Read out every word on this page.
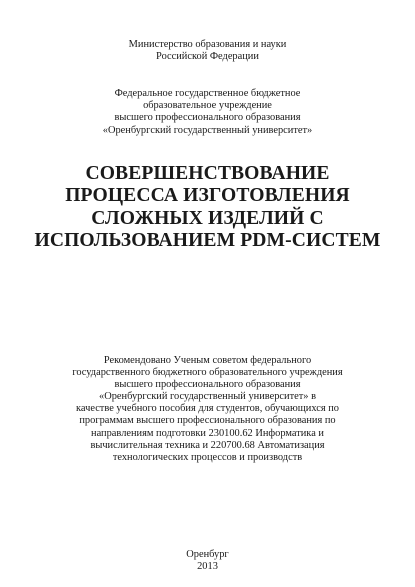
Министерство образования и науки
Российской Федерации
Федеральное государственное бюджетное
образовательное учреждение
высшего профессионального образования
«Оренбургский государственный университет»
СОВЕРШЕНСТВОВАНИЕ
ПРОЦЕССА ИЗГОТОВЛЕНИЯ
СЛОЖНЫХ ИЗДЕЛИЙ С
ИСПОЛЬЗОВАНИЕМ PDM-СИСТЕМ
Рекомендовано Ученым советом федерального
государственного бюджетного образовательного учреждения
высшего профессионального образования
«Оренбургский государственный университет» в
качестве учебного пособия для студентов, обучающихся по
программам высшего профессионального образования по
направлениям подготовки 230100.62 Информатика и
вычислительная техника и 220700.68 Автоматизация
технологических процессов и производств
Оренбург
2013
